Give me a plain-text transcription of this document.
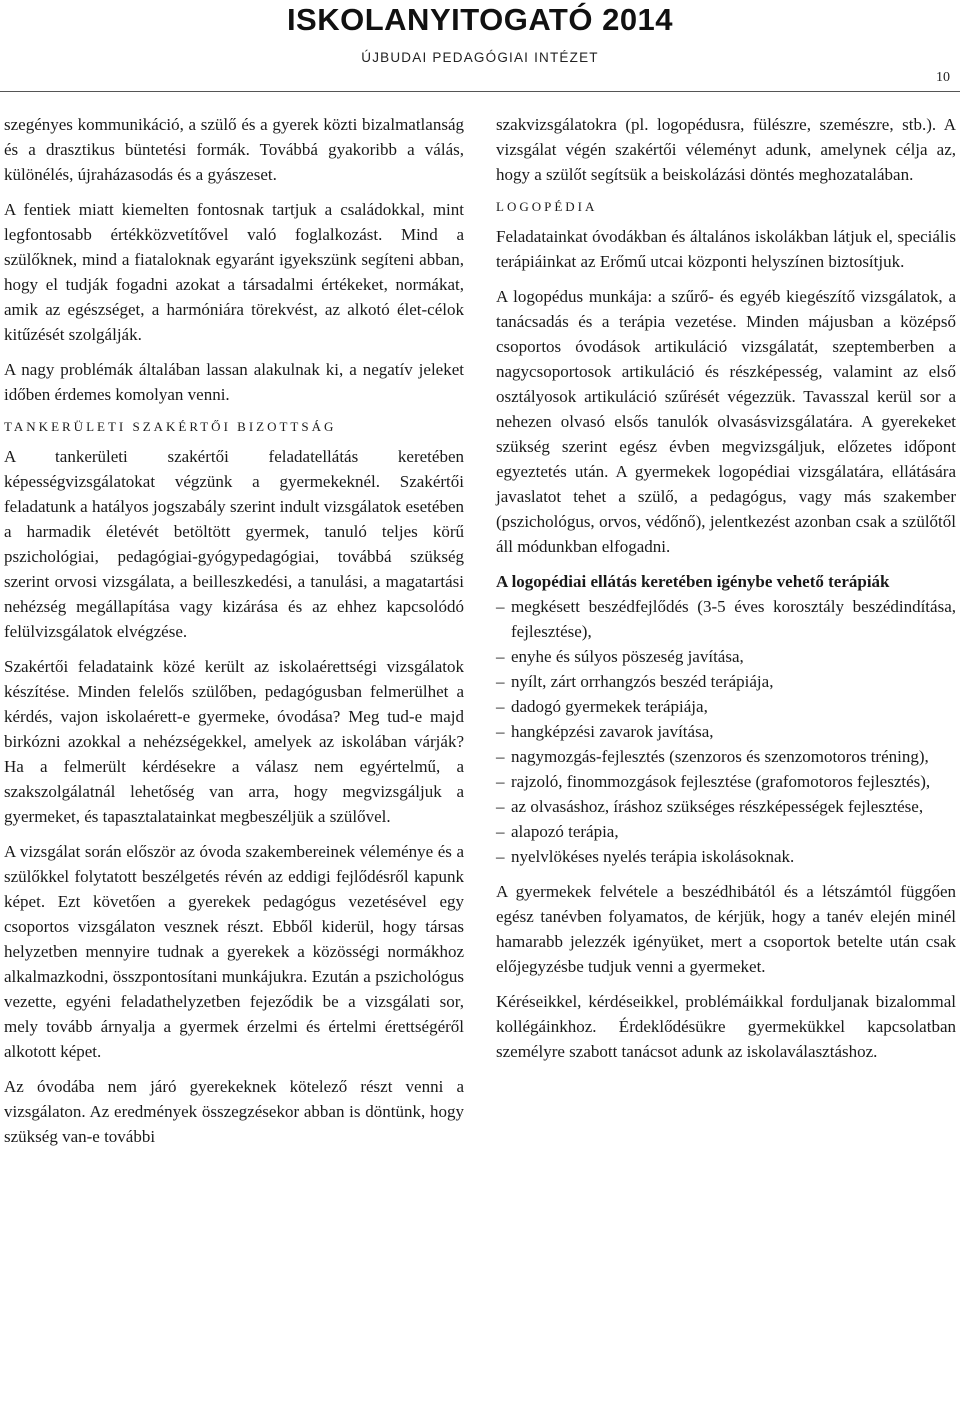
ISKOLANYITOGATÓ 2014
ÚJBUDAI PEDAGÓGIAI INTÉZET
10

szegényes kommunikáció, a szülő és a gyerek közti bizalmatlanság és a drasztikus büntetési formák. Továbbá gyakoribb a válás, különélés, újraházasodás és a gyászeset.

A fentiek miatt kiemelten fontosnak tartjuk a családokkal, mint legfontosabb értékközvetítővel való foglalkozást. Mind a szülőknek, mind a fiataloknak egyaránt igyekszünk segíteni abban, hogy el tudják fogadni azokat a társadalmi értékeket, normákat, amik az egészséget, a harmóniára törekvést, az alkotó élet-célok kitűzését szolgálják.

A nagy problémák általában lassan alakulnak ki, a negatív jeleket időben érdemes komolyan venni.

TANKERÜLETI SZAKÉRTŐI BIZOTTSÁG

A tankerületi szakértői feladatellátás keretében képességvizsgálatokat végzünk a gyermekeknél. Szakértői feladatunk a hatályos jogszabály szerint indult vizsgálatok esetében a harmadik életévét betöltött gyermek, tanuló teljes körű pszichológiai, pedagógiai-gyógypedagógiai, továbbá szükség szerint orvosi vizsgálata, a beilleszkedési, a tanulási, a magatartási nehézség megállapítása vagy kizárása és az ehhez kapcsolódó felülvizsgálatok elvégzése.

Szakértői feladataink közé került az iskolaérettségi vizsgálatok készítése. Minden felelős szülőben, pedagógusban felmerülhet a kérdés, vajon iskolaérett-e gyermeke, óvodása? Meg tud-e majd birkózni azokkal a nehézségekkel, amelyek az iskolában várják? Ha a felmerült kérdésekre a válasz nem egyértelmű, a szakszolgálatnál lehetőség van arra, hogy megvizsgáljuk a gyermeket, és tapasztalatainkat megbeszéljük a szülővel.

A vizsgálat során először az óvoda szakembereinek véleménye és a szülőkkel folytatott beszélgetés révén az eddigi fejlődésről kapunk képet. Ezt követően a gyerekek pedagógus vezetésével egy csoportos vizsgálaton vesznek részt. Ebből kiderül, hogy társas helyzetben mennyire tudnak a gyerekek a közösségi normákhoz alkalmazkodni, összpontosítani munkájukra. Ezután a pszichológus vezette, egyéni feladathelyzetben fejeződik be a vizsgálati sor, mely tovább árnyalja a gyermek érzelmi és értelmi érettségéről alkotott képet.

Az óvodába nem járó gyerekeknek kötelező részt venni a vizsgálaton. Az eredmények összegzésekor abban is döntünk, hogy szükség van-e további

szakvizsgálatokra (pl. logopédusra, fülészre, szemészre, stb.). A vizsgálat végén szakértői véleményt adunk, amelynek célja az, hogy a szülőt segítsük a beiskolázási döntés meghozatalában.

LOGOPÉDIA

Feladatainkat óvodákban és általános iskolákban látjuk el, speciális terápiáinkat az Erőmű utcai központi helyszínen biztosítjuk.

A logopédus munkája: a szűrő- és egyéb kiegészítő vizsgálatok, a tanácsadás és a terápia vezetése. Minden májusban a középső csoportos óvodások artikuláció vizsgálatát, szeptemberben a nagycsoportosok artikuláció és részképesség, valamint az első osztályosok artikuláció szűrését végezzük. Tavasszal kerül sor a nehezen olvasó elsős tanulók olvasásvizsgálatára. A gyerekeket szükség szerint egész évben megvizsgáljuk, előzetes időpont egyeztetés után. A gyermekek logopédiai vizsgálatára, ellátására javaslatot tehet a szülő, a pedagógus, vagy más szakember (pszichológus, orvos, védőnő), jelentkezést azonban csak a szülőtől áll módunkban elfogadni.

A logopédiai ellátás keretében igénybe vehető terápiák
– megkésett beszédfejlődés (3-5 éves korosztály beszédindítása, fejlesztése),
– enyhe és súlyos pöszeség javítása,
– nyílt, zárt orrhangzós beszéd terápiája,
– dadogó gyermekek terápiája,
– hangképzési zavarok javítása,
– nagymozgás-fejlesztés (szenzoros és szenzomotoros tréning),
– rajzoló, finommozgások fejlesztése (grafomotoros fejlesztés),
– az olvasáshoz, íráshoz szükséges részképességek fejlesztése,
– alapozó terápia,
– nyelvlökéses nyelés terápia iskolásoknak.

A gyermekek felvétele a beszédhibától és a létszámtól függően egész tanévben folyamatos, de kérjük, hogy a tanév elején minél hamarabb jelezzék igényüket, mert a csoportok betelte után csak előjegyzésbe tudjuk venni a gyermeket.

Kéréseikkel, kérdéseikkel, problémáikkal forduljanak bizalommal kollégáinkhoz. Érdeklődésükre gyermekükkel kapcsolatban személyre szabott tanácsot adunk az iskolaválasztáshoz.
